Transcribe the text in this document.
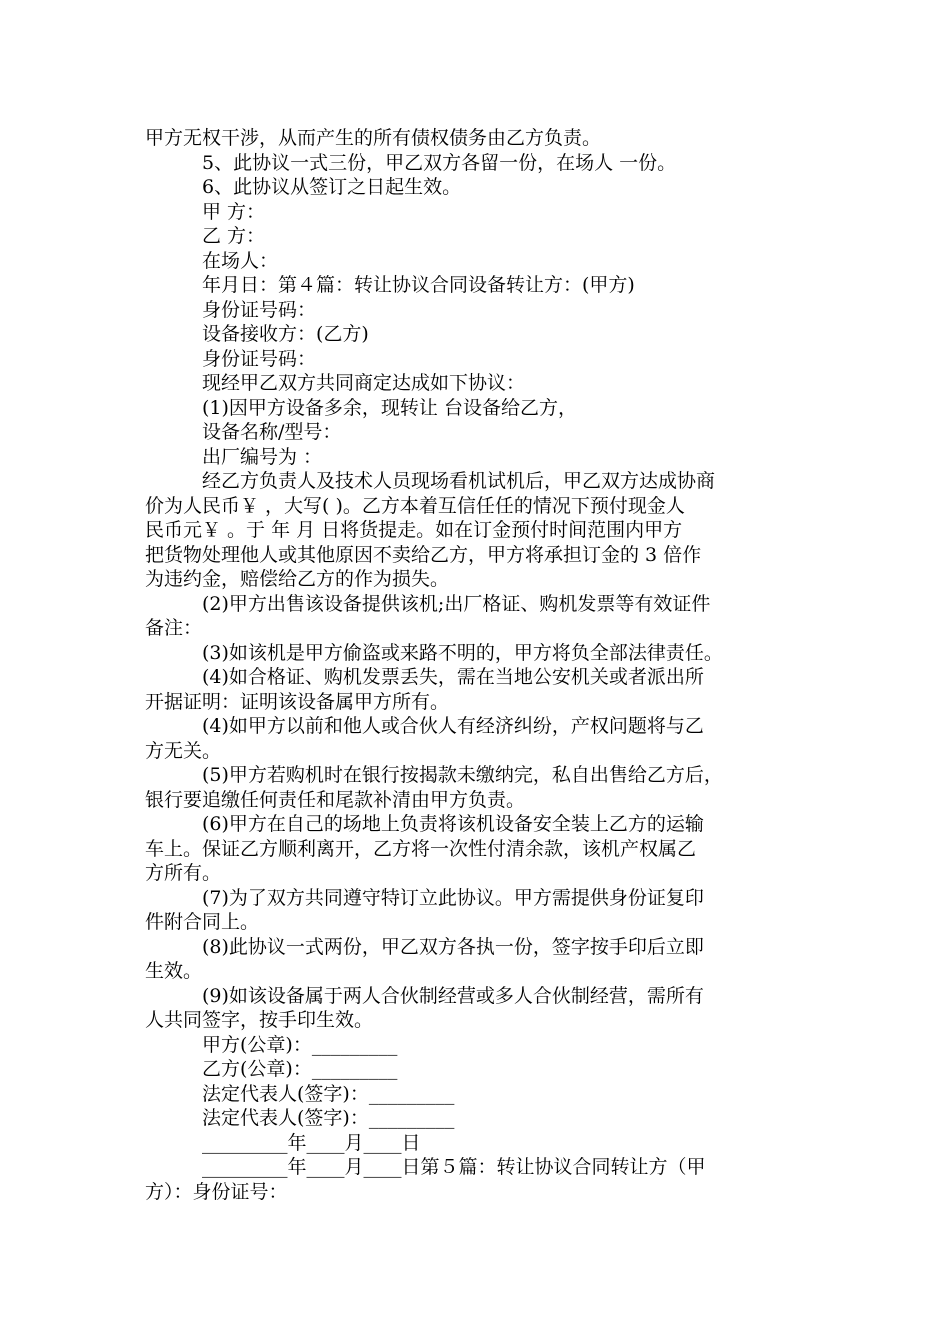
甲方无权干涉，从而产生的所有债权债务由乙方负责。
5、此协议一式三份，甲乙双方各留一份，在场人 一份。
6、此协议从签订之日起生效。
甲 方：
乙 方：
在场人：
年月日：第４篇：转让协议合同设备转让方：(甲方)
身份证号码：
设备接收方：(乙方)
身份证号码：
现经甲乙双方共同商定达成如下协议：
(1)因甲方设备多余，现转让 台设备给乙方，
设备名称/型号：
出厂编号为 ：
经乙方负责人及技术人员现场看机试机后，甲乙双方达成协商
价为人民币￥ ，大写( )。乙方本着互信任任的情况下预付现金人
民币元￥ 。于 年 月 日将货提走。如在订金预付时间范围内甲方
把货物处理他人或其他原因不卖给乙方，甲方将承担订金的 3 倍作
为违约金，赔偿给乙方的作为损失。
(2)甲方出售该设备提供该机;出厂格证、购机发票等有效证件
备注：
(3)如该机是甲方偷盗或来路不明的，甲方将负全部法律责任。
(4)如合格证、购机发票丢失，需在当地公安机关或者派出所
开据证明：证明该设备属甲方所有。
(4)如甲方以前和他人或合伙人有经济纠纷，产权问题将与乙
方无关。
(5)甲方若购机时在银行按揭款未缴纳完，私自出售给乙方后，
银行要追缴任何责任和尾款补清由甲方负责。
(6)甲方在自己的场地上负责将该机设备安全装上乙方的运输
车上。保证乙方顺利离开，乙方将一次性付清余款，该机产权属乙
方所有。
(7)为了双方共同遵守特订立此协议。甲方需提供身份证复印
件附合同上。
(8)此协议一式两份，甲乙双方各执一份，签字按手印后立即
生效。
(9)如该设备属于两人合伙制经营或多人合伙制经营，需所有
人共同签字，按手印生效。
甲方(公章)：_________
乙方(公章)：_________
法定代表人(签字)：_________
法定代表人(签字)：_________
_________年____月____日
_________年____月____日第５篇：转让协议合同转让方（甲
方）：身份证号：
